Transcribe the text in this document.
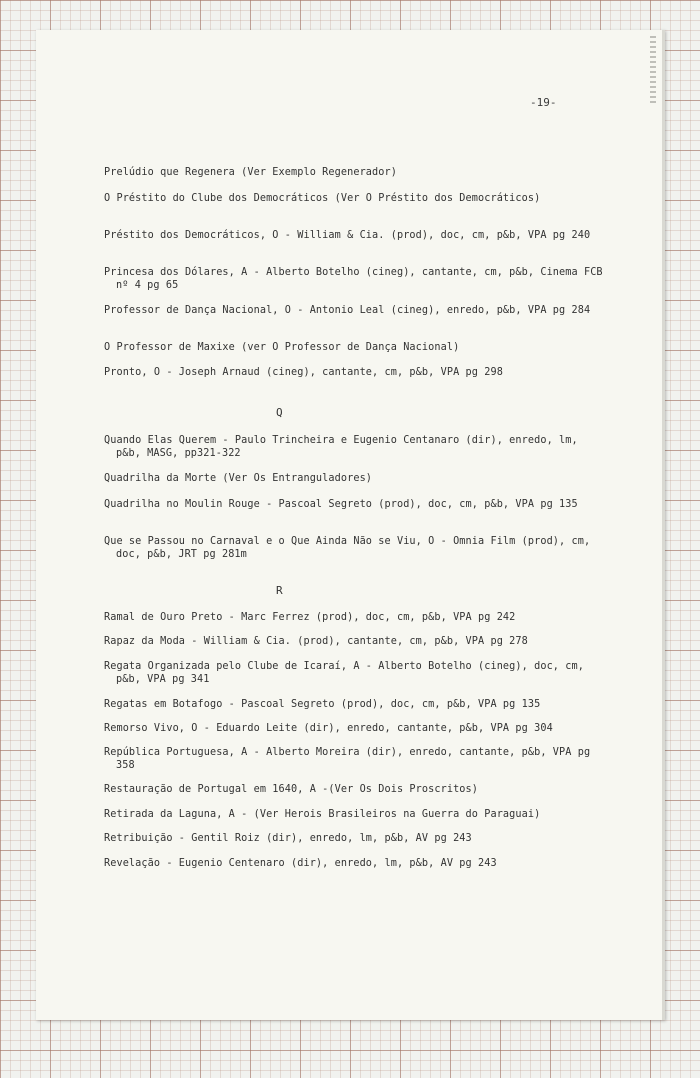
-19-
Prelúdio que Regenera (Ver Exemplo Regenerador)
O Préstito do Clube dos Democráticos (Ver O Préstito dos Democráticos)
Préstito dos Democráticos, O - William & Cia. (prod), doc, cm, p&b, VPA pg 240
Princesa dos Dólares, A - Alberto Botelho (cineg), cantante, cm, p&b, Cinema FCB nº 4 pg 65
Professor de Dança Nacional, O - Antonio Leal (cineg), enredo, p&b, VPA pg 284
O Professor de Maxixe (ver O Professor de Dança Nacional)
Pronto, O - Joseph Arnaud (cineg), cantante, cm, p&b, VPA pg 298
Q
Quando Elas Querem - Paulo Trincheira e Eugenio Centanaro (dir), enredo, lm, p&b, MASG, pp321-322
Quadrilha da Morte (Ver Os Entranguladores)
Quadrilha no Moulin Rouge - Pascoal Segreto (prod), doc, cm, p&b, VPA pg 135
Que se Passou no Carnaval e o Que Ainda Não se Viu, O - Omnia Film (prod), cm, doc, p&b, JRT pg 281m
R
Ramal de Ouro Preto - Marc Ferrez (prod), doc, cm, p&b, VPA pg 242
Rapaz da Moda - William & Cia. (prod), cantante, cm, p&b, VPA pg 278
Regata Organizada pelo Clube de Icaraí, A - Alberto Botelho (cineg), doc, cm, p&b, VPA pg 341
Regatas em Botafogo - Pascoal Segreto (prod), doc, cm, p&b, VPA pg 135
Remorso Vivo, O - Eduardo Leite (dir), enredo, cantante, p&b, VPA pg 304
República Portuguesa, A - Alberto Moreira (dir), enredo, cantante, p&b, VPA pg 358
Restauração de Portugal em 1640, A -(Ver Os Dois Proscritos)
Retirada da Laguna, A - (Ver Herois Brasileiros na Guerra do Paraguai)
Retribuição - Gentil Roiz (dir), enredo, lm, p&b, AV pg 243
Revelação - Eugenio Centenaro (dir), enredo, lm, p&b, AV pg 243
